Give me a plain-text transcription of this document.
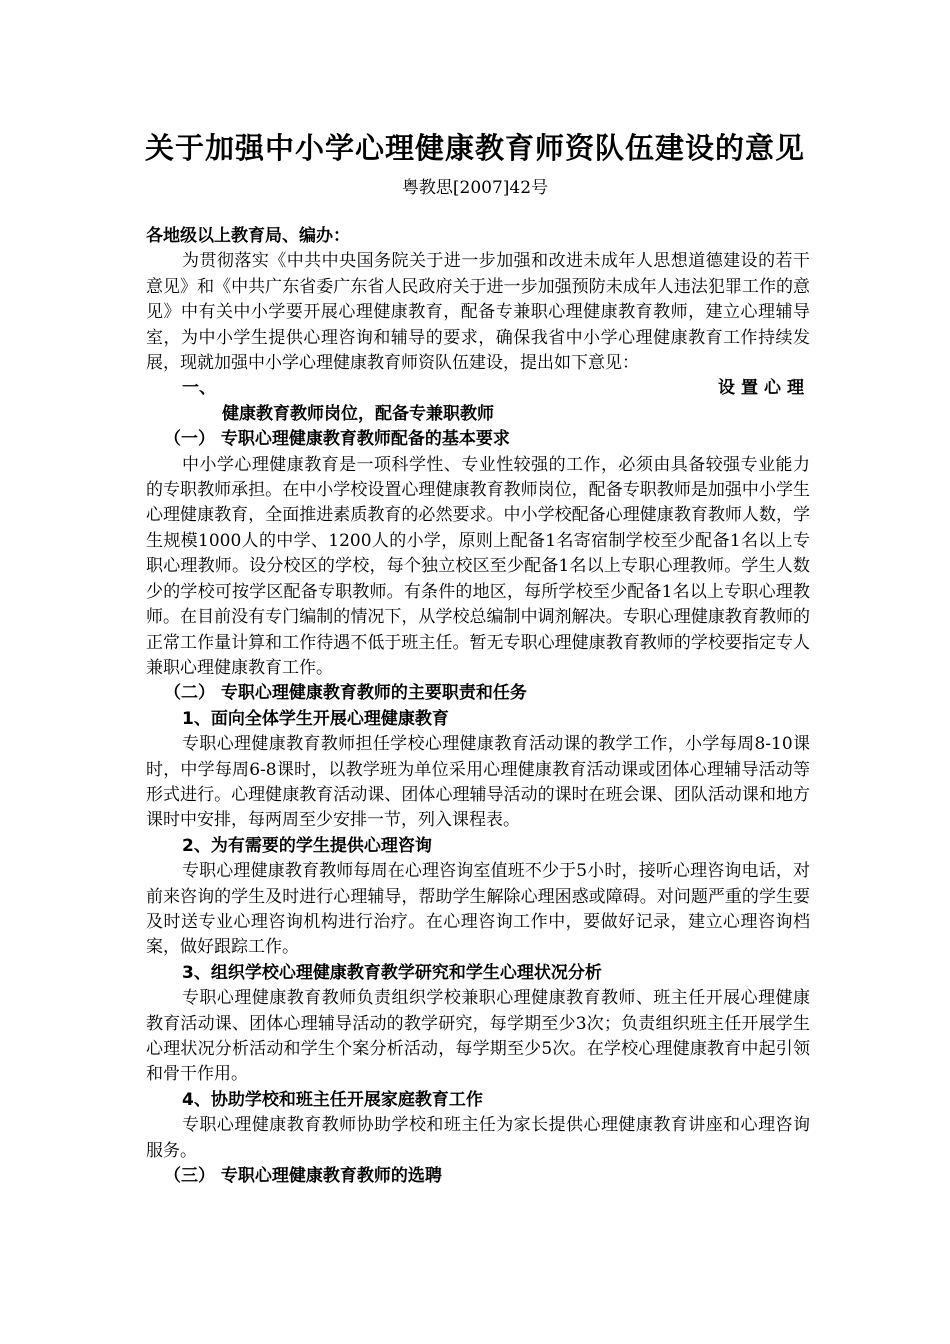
关于加强中小学心理健康教育师资队伍建设的意见
粤教思[2007]42号

各地级以上教育局、编办：

为贯彻落实《中共中央国务院关于进一步加强和改进未成年人思想道德建设的若干意见》和《中共广东省委广东省人民政府关于进一步加强预防未成年人违法犯罪工作的意见》中有关中小学要开展心理健康教育，配备专兼职心理健康教育教师，建立心理辅导室，为中小学生提供心理咨询和辅导的要求，确保我省中小学心理健康教育工作持续发展，现就加强中小学心理健康教育师资队伍建设，提出如下意见：

一、	设置心理

健康教育教师岗位，配备专兼职教师

（一） 专职心理健康教育教师配备的基本要求

中小学心理健康教育是一项科学性、专业性较强的工作，必须由具备较强专业能力的专职教师承担。在中小学校设置心理健康教育教师岗位，配备专职教师是加强中小学生心理健康教育，全面推进素质教育的必然要求。中小学校配备心理健康教育教师人数，学生规模1000人的中学、1200人的小学，原则上配备1名寄宿制学校至少配备1名以上专职心理教师。设分校区的学校，每个独立校区至少配备1名以上专职心理教师。学生人数少的学校可按学区配备专职教师。有条件的地区，每所学校至少配备1名以上专职心理教师。在目前没有专门编制的情况下，从学校总编制中调剂解决。专职心理健康教育教师的正常工作量计算和工作待遇不低于班主任。暂无专职心理健康教育教师的学校要指定专人兼职心理健康教育工作。

（二） 专职心理健康教育教师的主要职责和任务

1、面向全体学生开展心理健康教育

专职心理健康教育教师担任学校心理健康教育活动课的教学工作，小学每周8-10课时，中学每周6-8课时，以教学班为单位采用心理健康教育活动课或团体心理辅导活动等形式进行。心理健康教育活动课、团体心理辅导活动的课时在班会课、团队活动课和地方课时中安排，每两周至少安排一节，列入课程表。

2、为有需要的学生提供心理咨询

专职心理健康教育教师每周在心理咨询室值班不少于5小时，接听心理咨询电话，对前来咨询的学生及时进行心理辅导，帮助学生解除心理困惑或障碍。对问题严重的学生要及时送专业心理咨询机构进行治疗。在心理咨询工作中，要做好记录，建立心理咨询档案，做好跟踪工作。

3、组织学校心理健康教育教学研究和学生心理状况分析

专职心理健康教育教师负责组织学校兼职心理健康教育教师、班主任开展心理健康教育活动课、团体心理辅导活动的教学研究，每学期至少3次；负责组织班主任开展学生心理状况分析活动和学生个案分析活动，每学期至少5次。在学校心理健康教育中起引领和骨干作用。

4、协助学校和班主任开展家庭教育工作

专职心理健康教育教师协助学校和班主任为家长提供心理健康教育讲座和心理咨询服务。

（三） 专职心理健康教育教师的选聘
